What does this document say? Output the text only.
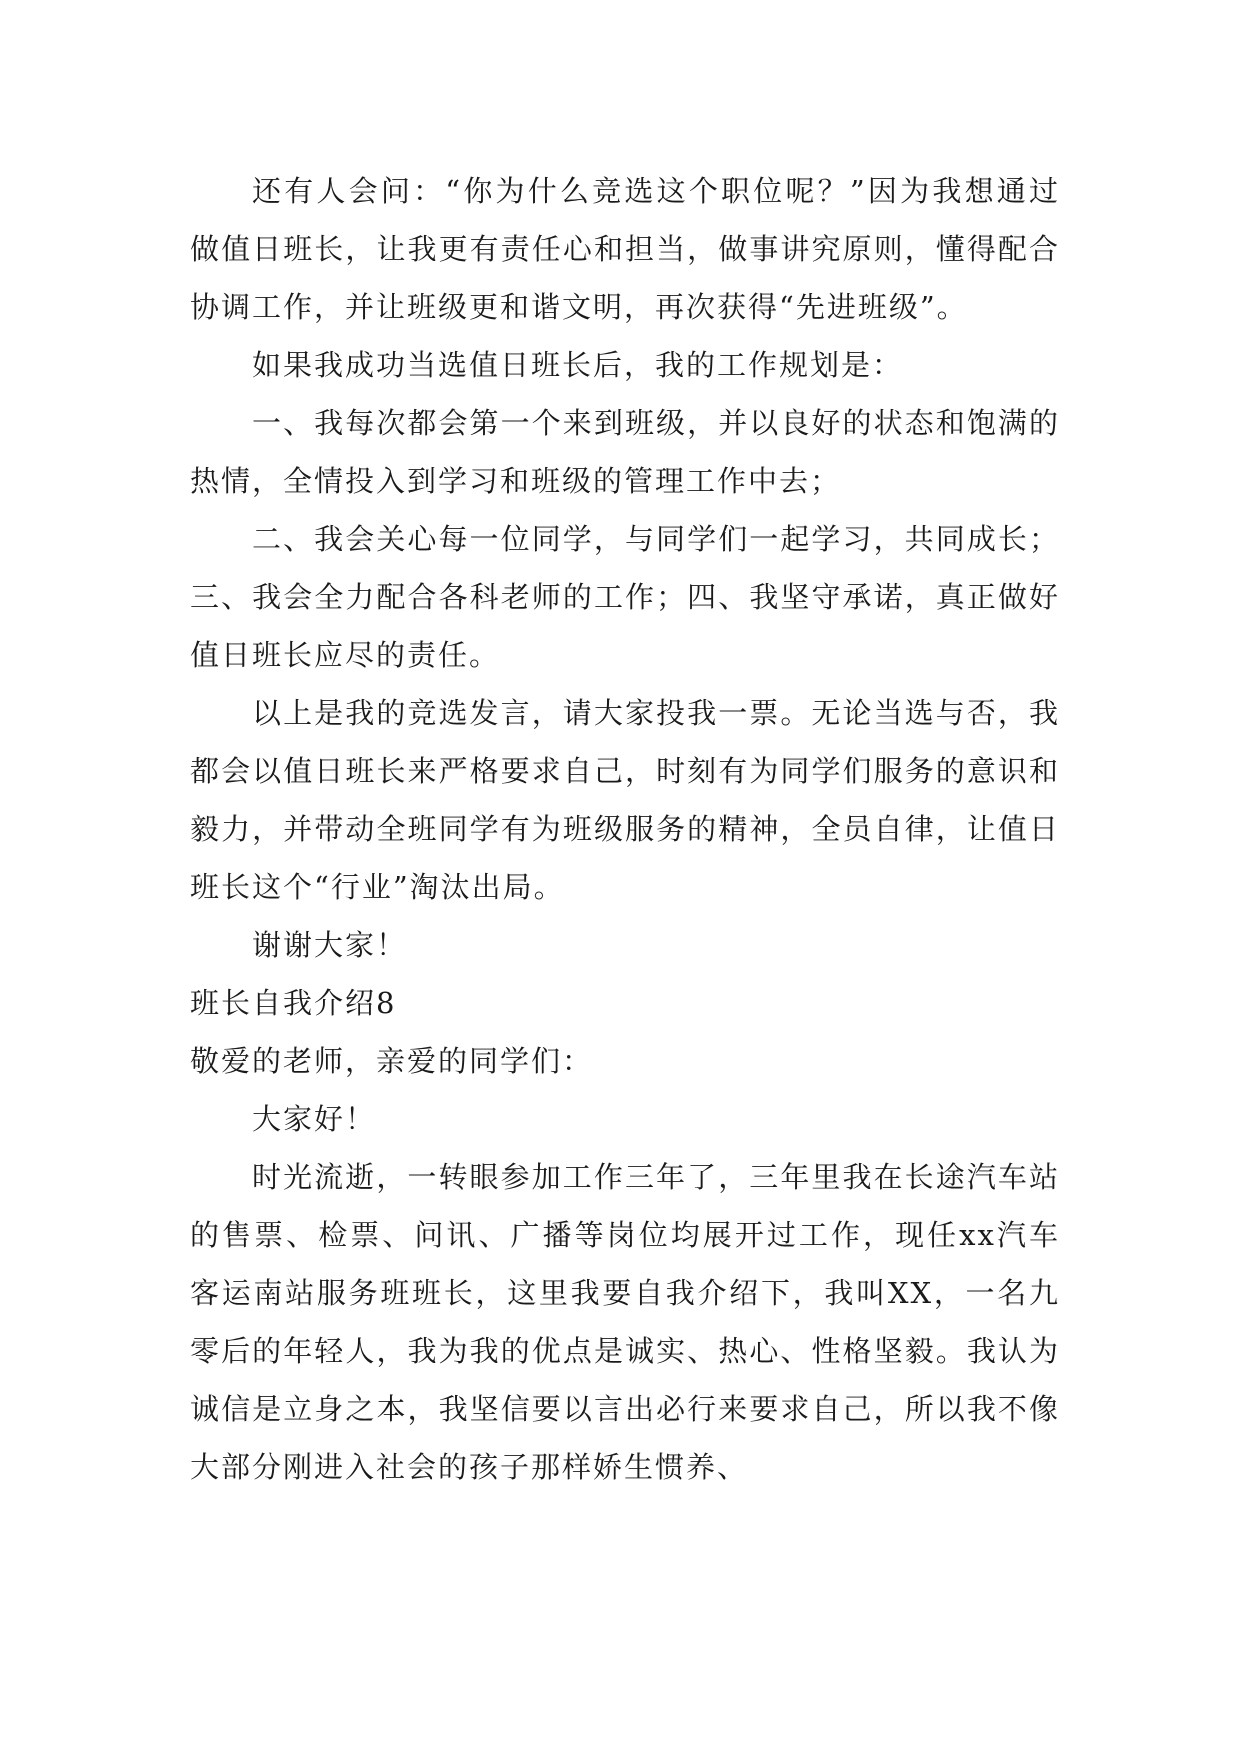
还有人会问：“你为什么竞选这个职位呢？”因为我想通过做值日班长，让我更有责任心和担当，做事讲究原则，懂得配合协调工作，并让班级更和谐文明，再次获得“先进班级”。

如果我成功当选值日班长后，我的工作规划是：

一、我每次都会第一个来到班级，并以良好的状态和饱满的热情，全情投入到学习和班级的管理工作中去；

二、我会关心每一位同学，与同学们一起学习，共同成长；三、我会全力配合各科老师的工作；四、我坚守承诺，真正做好值日班长应尽的责任。

以上是我的竞选发言，请大家投我一票。无论当选与否，我都会以值日班长来严格要求自己，时刻有为同学们服务的意识和毅力，并带动全班同学有为班级服务的精神，全员自律，让值日班长这个“行业”淘汰出局。

谢谢大家！

班长自我介绍8

敬爱的老师，亲爱的同学们：

大家好！

时光流逝，一转眼参加工作三年了，三年里我在长途汽车站的售票、检票、问讯、广播等岗位均展开过工作，现任xx汽车客运南站服务班班长，这里我要自我介绍下，我叫XX，一名九零后的年轻人，我为我的优点是诚实、热心、性格坚毅。我认为诚信是立身之本，我坚信要以言出必行来要求自己，所以我不像大部分刚进入社会的孩子那样娇生惯养、
